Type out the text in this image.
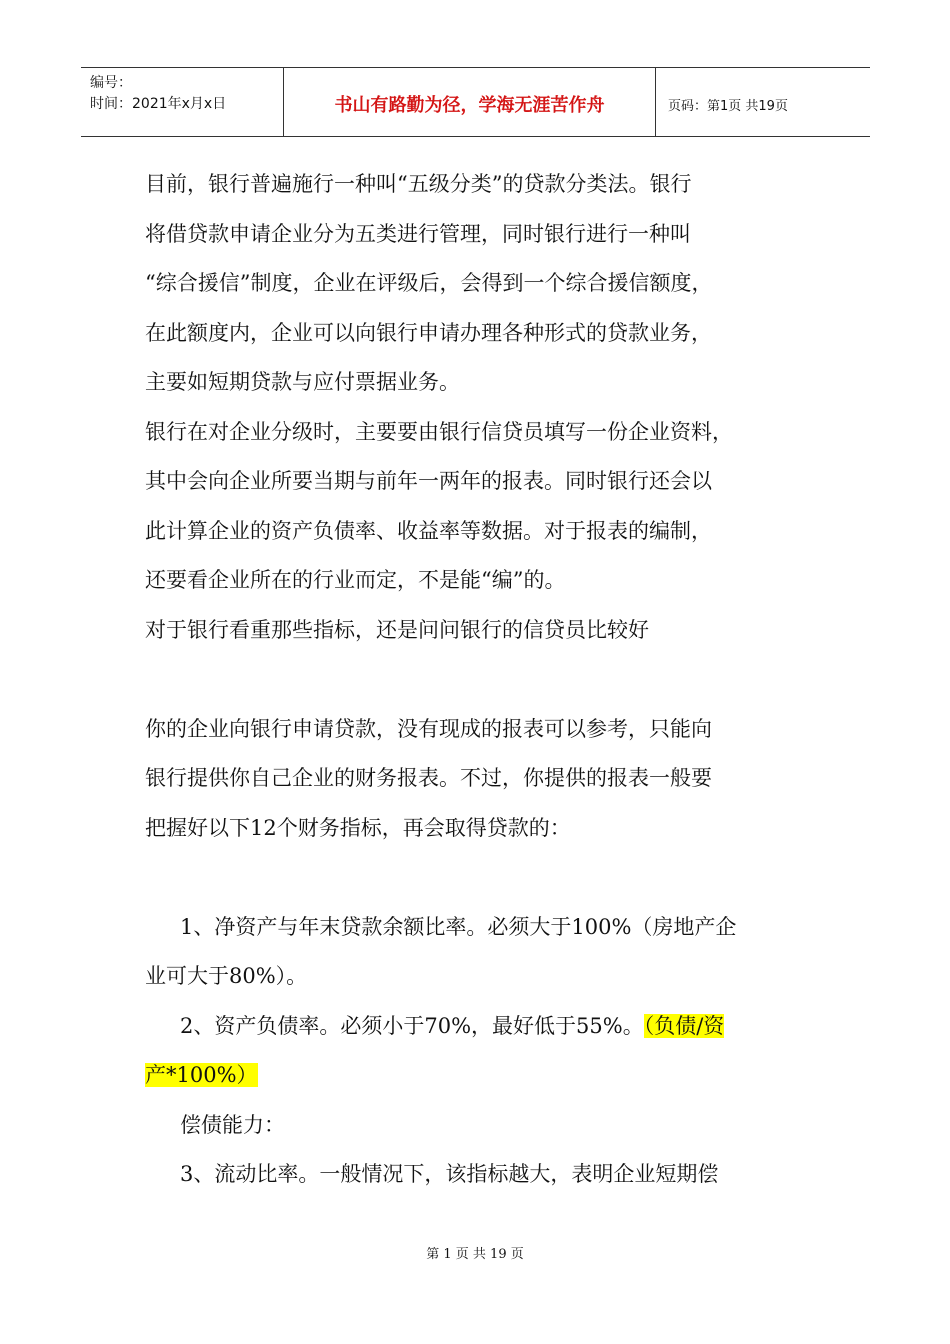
编号：
时间：2021年x月x日	书山有路勤为径，学海无涯苦作舟	页码：第1页 共19页
目前，银行普遍施行一种叫“五级分类”的贷款分类法。银行
将借贷款申请企业分为五类进行管理，同时银行进行一种叫
“综合援信”制度，企业在评级后，会得到一个综合援信额度，
在此额度内，企业可以向银行申请办理各种形式的贷款业务，
主要如短期贷款与应付票据业务。
银行在对企业分级时，主要要由银行信贷员填写一份企业资料，
其中会向企业所要当期与前年一两年的报表。同时银行还会以
此计算企业的资产负债率、收益率等数据。对于报表的编制，
还要看企业所在的行业而定，不是能“编”的。
对于银行看重那些指标，还是问问银行的信贷员比较好
你的企业向银行申请贷款，没有现成的报表可以参考，只能向
银行提供你自己企业的财务报表。不过，你提供的报表一般要
把握好以下12个财务指标，再会取得贷款的：
1、净资产与年末贷款余额比率。必须大于100%（房地产企
业可大于80%）。
2、资产负债率。必须小于70%，最好低于55%。（负债/资
产*100%）
偿债能力：
3、流动比率。一般情况下，该指标越大，表明企业短期偿
第 1 页 共 19 页
